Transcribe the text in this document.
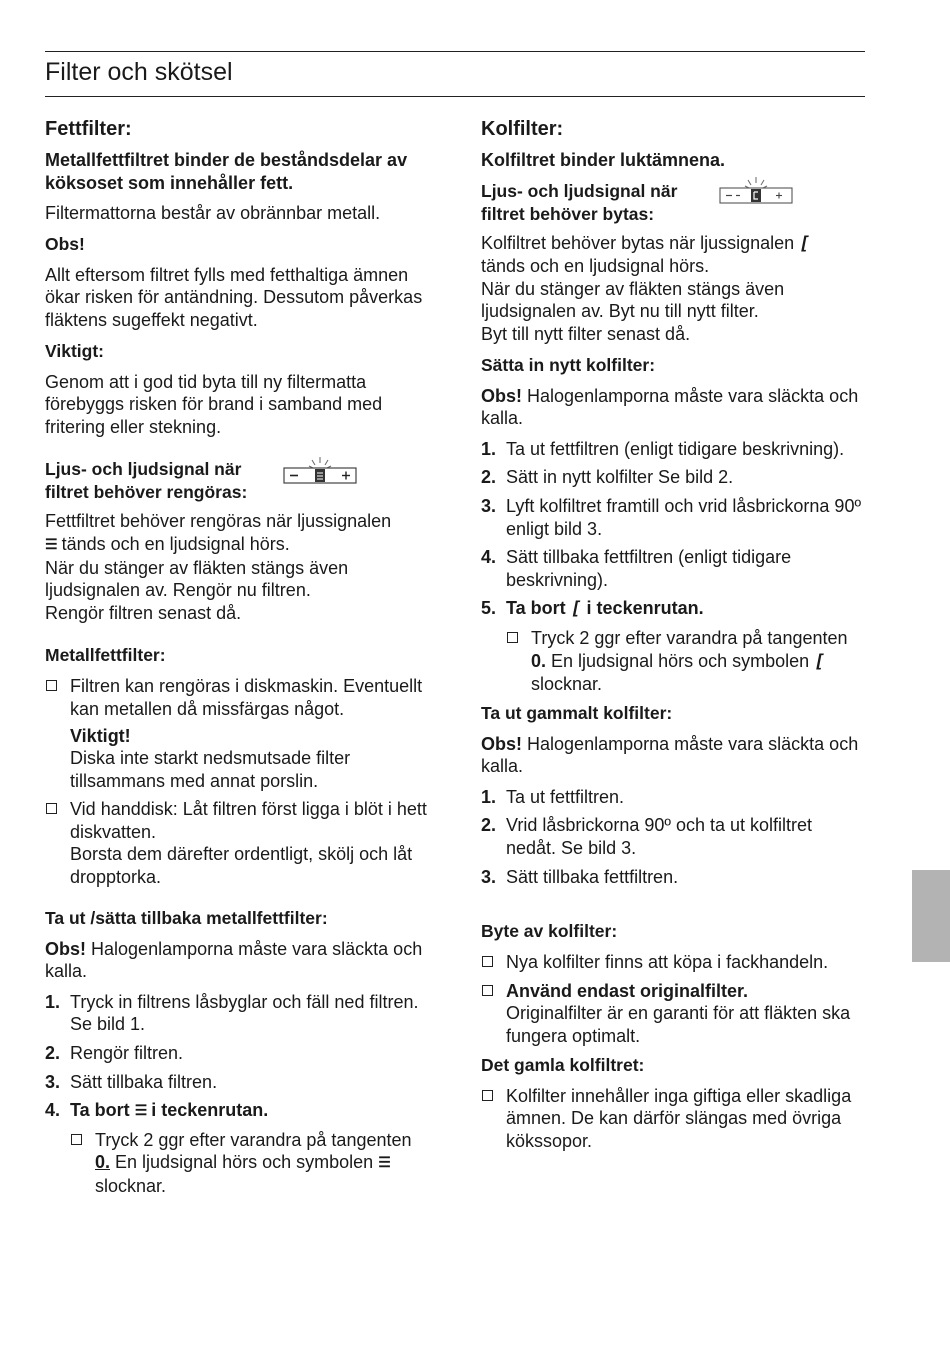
Filter och skötsel
Fettfilter:

Metallfettfiltret binder de beståndsdelar av köksoset som innehåller fett.

Filtermattorna består av obrännbar metall.

Obs!

Allt eftersom filtret fylls med fetthaltiga ämnen ökar risken för antändning. Dessutom påverkas fläktens sugeffekt negativt.

Viktigt:

Genom att i god tid byta till ny filtermatta förebyggs risken för brand i samband med fritering eller stekning.

Ljus- och ljudsignal när filtret behöver rengöras:

Fettfiltret behöver rengöras när ljussignalen
☰ tänds och en ljudsignal hörs.

När du stänger av fläkten stängs även ljudsignalen av. Rengör nu filtren.

Rengör filtren senast då.

Metallfettfilter:
Filtren kan rengöras i diskmaskin. Eventuellt kan metallen då missfärgas något.
Viktigt!
Diska inte starkt nedsmutsade filter tillsammans med annat porslin.
Vid handdisk: Låt filtren först ligga i blöt i hett diskvatten.
Borsta dem därefter ordentligt, skölj och låt dropptorka.
Ta ut /sätta tillbaka metallfettfilter:

Obs! Halogenlamporna måste vara släckta och kalla.

1. Tryck in filtrens låsbyglar och fäll ned filtren. Se bild 1.
2. Rengör filtren.
3. Sätt tillbaka filtren.
4. Ta bort ☰ i teckenrutan.
Tryck 2 ggr efter varandra på tangenten 0. En ljudsignal hörs och symbolen ☰ slocknar.
Kolfilter:

Kolfiltret binder luktämnena.

Ljus- och ljudsignal när filtret behöver bytas:

Kolfiltret behöver bytas när ljussignalen [
tänds och en ljudsignal hörs.

När du stänger av fläkten stängs även ljudsignalen av. Byt nu till nytt filter.

Byt till nytt filter senast då.

Sätta in nytt kolfilter:

Obs! Halogenlamporna måste vara släckta och kalla.

1. Ta ut fettfiltren (enligt tidigare beskrivning).
2. Sätt in nytt kolfilter Se bild 2.
3. Lyft kolfiltret framtill och vrid låsbrickorna 90º enligt bild 3.
4. Sätt tillbaka fettfiltren (enligt tidigare beskrivning).
5. Ta bort [ i teckenrutan.
Tryck 2 ggr efter varandra på tangenten 0. En ljudsignal hörs och symbolen [ slocknar.
Ta ut gammalt kolfilter:

Obs! Halogenlamporna måste vara släckta och kalla.

1. Ta ut fettfiltren.
2. Vrid låsbrickorna 90º och ta ut kolfiltret nedåt. Se bild 3.
3. Sätt tillbaka fettfiltren.
Byte av kolfilter:
Nya kolfilter finns att köpa i fackhandeln.
Använd endast originalfilter.
Originalfilter är en garanti för att fläkten ska fungera optimalt.
Det gamla kolfiltret:
Kolfilter innehåller inga giftiga eller skadliga ämnen. De kan därför slängas med övriga kökssopor.
